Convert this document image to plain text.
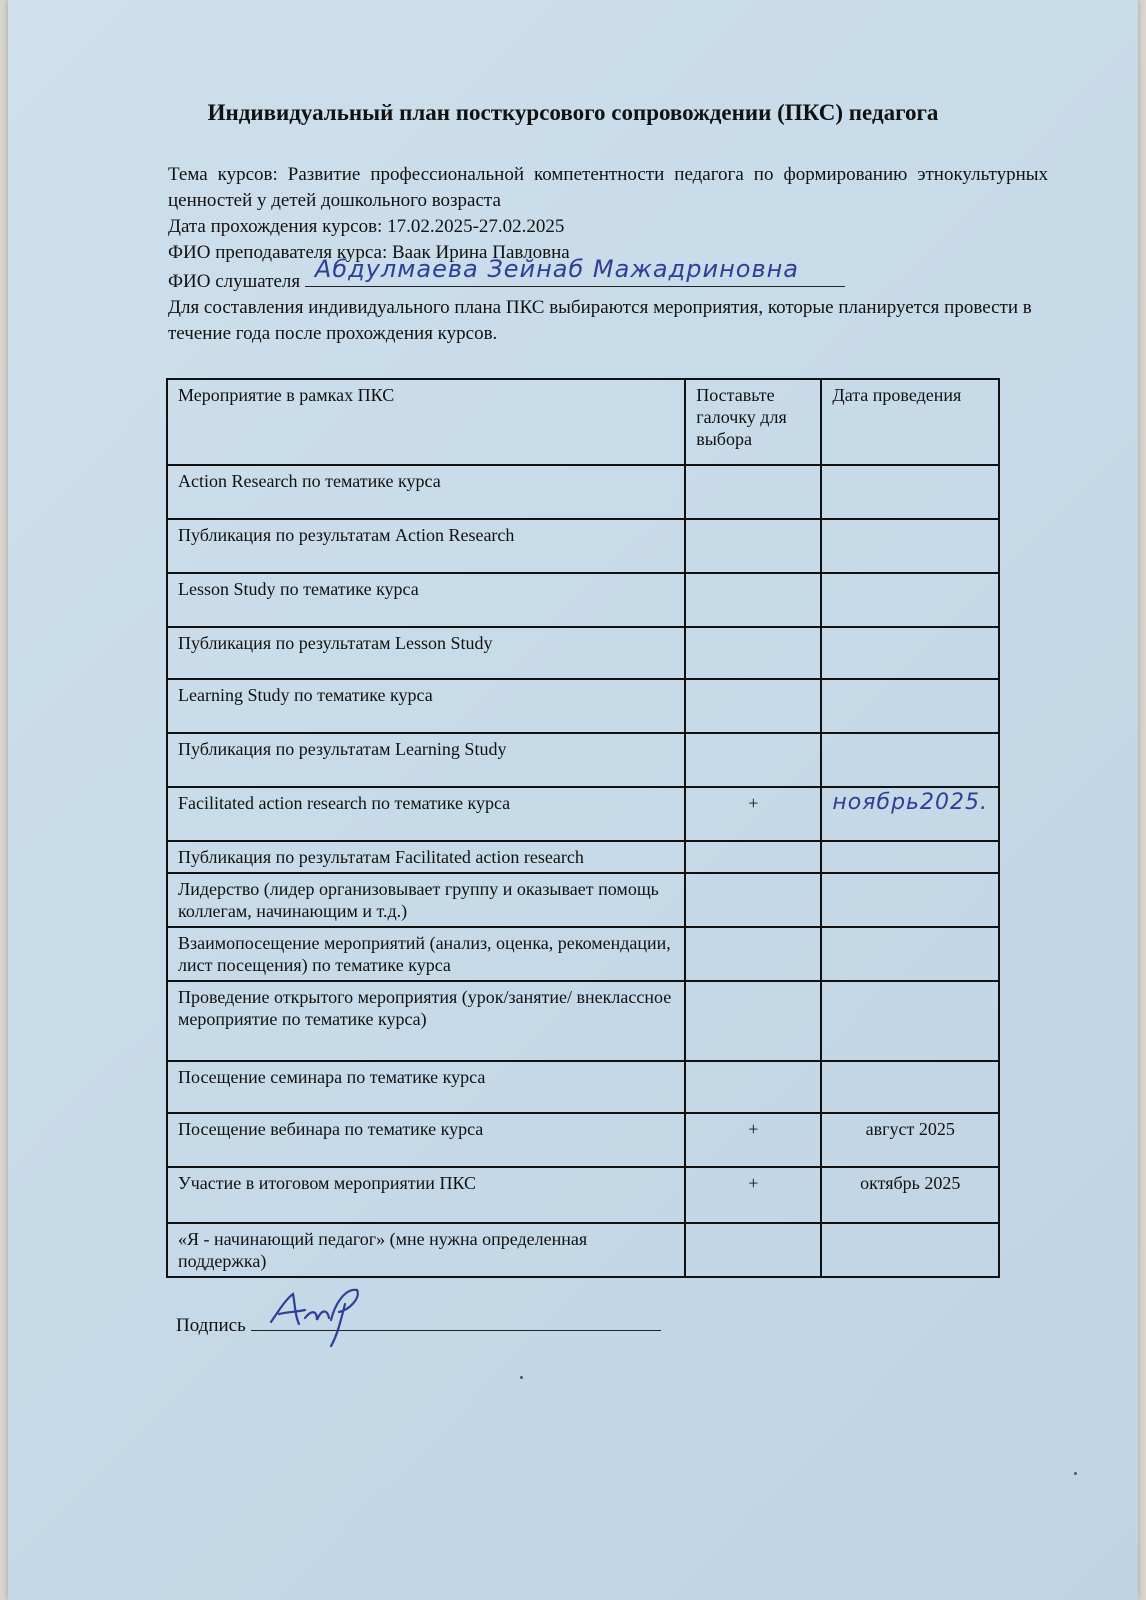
Индивидуальный план посткурсового сопровождении (ПКС) педагога
Тема курсов: Развитие профессиональной компетентности педагога по формированию этнокультурных ценностей у детей дошкольного возраста
Дата прохождения курсов: 17.02.2025-27.02.2025
ФИО преподавателя курса: Ваак Ирина Павловна
ФИО слушателя Абдулмаева Зейнаб Мажадриновна
Для составления индивидуального плана ПКС выбираются мероприятия, которые планируется провести в течение года после прохождения курсов.
Мероприятие в рамках ПКС	Поставьте галочку для выбора	Дата проведения
Action Research по тематике курса		
Публикация по результатам Action Research		
Lesson Study по тематике курса		
Публикация по результатам Lesson Study		
Learning Study по тематике курса		
Публикация по результатам Learning Study		
Facilitated action research по тематике курса	+	ноябрь2025.
Публикация по результатам Facilitated action research		
Лидерство (лидер организовывает группу и оказывает помощь коллегам, начинающим и т.д.)		
Взаимопосещение мероприятий (анализ, оценка, рекомендации, лист посещения) по тематике курса		
Проведение открытого мероприятия (урок/занятие/ внеклассное мероприятие по тематике курса)		
Посещение семинара по тематике курса		
Посещение вебинара по тематике курса	+	август 2025
Участие в итоговом мероприятии ПКС	+	октябрь 2025
«Я - начинающий педагог» (мне нужна определенная поддержка)		
Подпись
